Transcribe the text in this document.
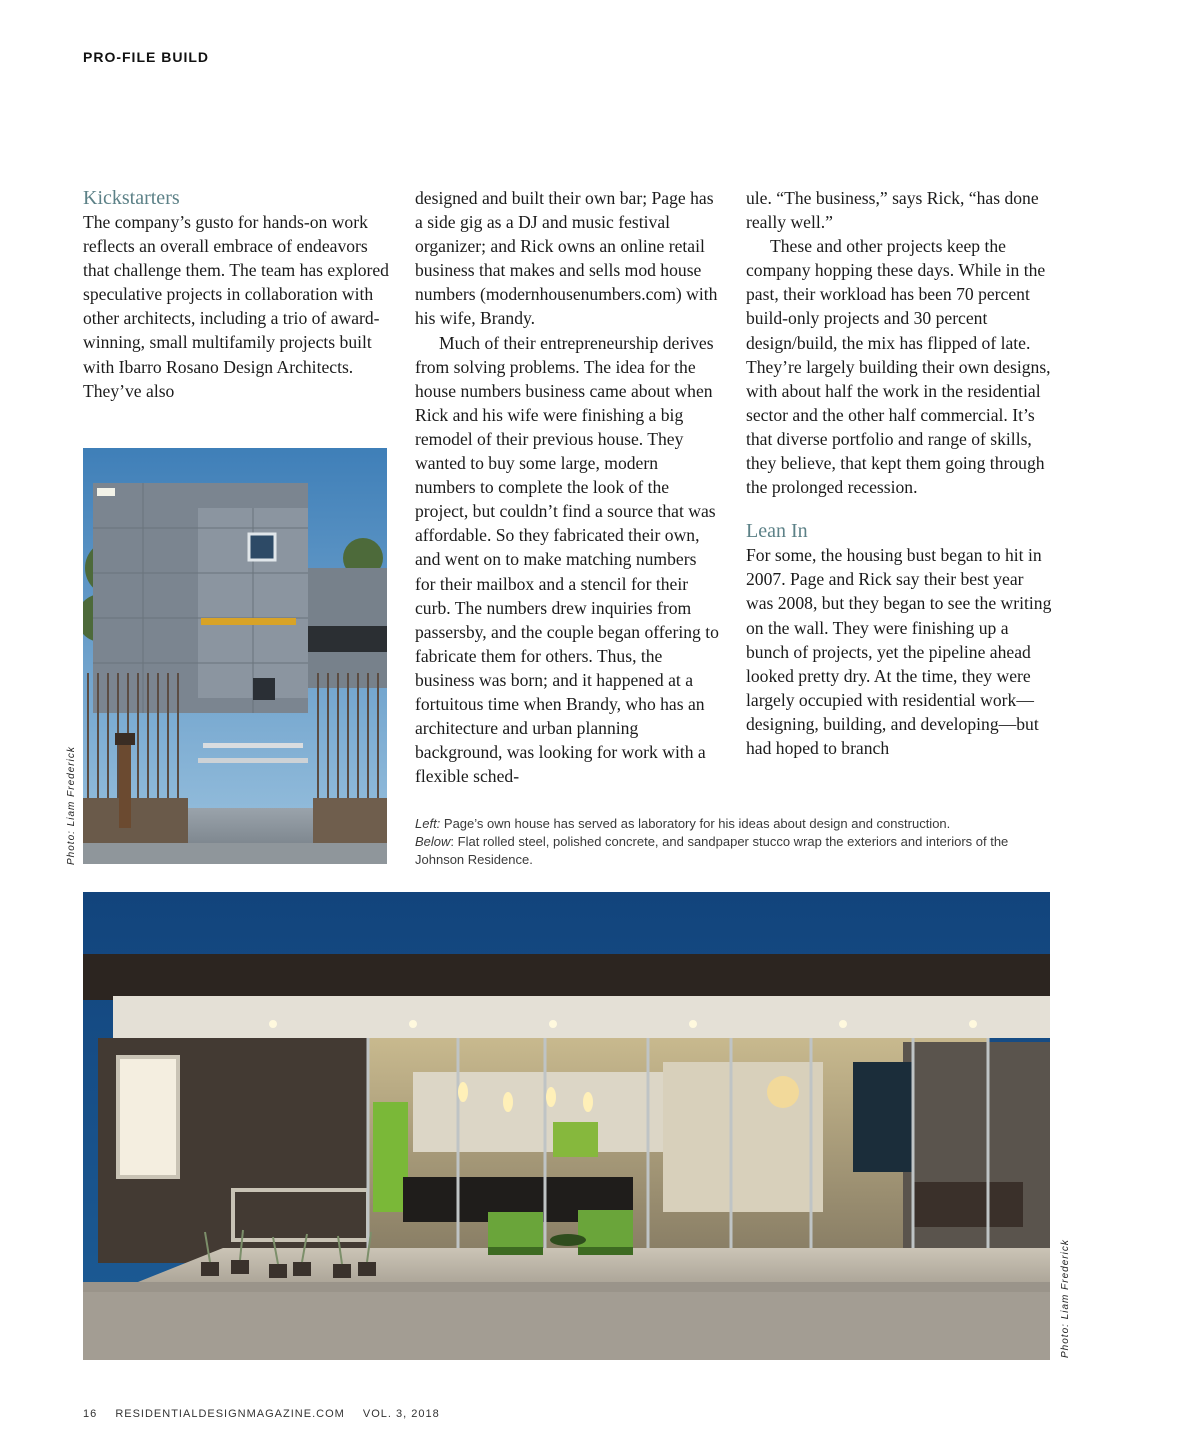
PRO-FILE BUILD
Kickstarters

The company’s gusto for hands-on work reflects an overall embrace of endeavors that challenge them. The team has explored speculative projects in collaboration with other architects, including a trio of award-winning, small multifamily projects built with Ibarro Rosano Design Architects. They’ve also

designed and built their own bar; Page has a side gig as a DJ and music festival organizer; and Rick owns an online retail business that makes and sells mod house numbers (modernhousenumbers.com) with his wife, Brandy.

Much of their entrepreneurship derives from solving problems. The idea for the house numbers business came about when Rick and his wife were finishing a big remodel of their previous house. They wanted to buy some large, modern numbers to complete the look of the project, but couldn’t find a source that was affordable. So they fabricated their own, and went on to make matching numbers for their mailbox and a stencil for their curb. The numbers drew inquiries from passersby, and the couple began offering to fabricate them for others. Thus, the business was born; and it happened at a fortuitous time when Brandy, who has an architecture and urban planning background, was looking for work with a flexible sched-

ule. “The business,” says Rick, “has done really well.”

These and other projects keep the company hopping these days. While in the past, their workload has been 70 percent build-only projects and 30 percent design/build, the mix has flipped of late. They’re largely building their own designs, with about half the work in the residential sector and the other half commercial. It’s that diverse portfolio and range of skills, they believe, that kept them going through the prolonged recession.

Lean In

For some, the housing bust began to hit in 2007. Page and Rick say their best year was 2008, but they began to see the writing on the wall. They were finishing up a bunch of projects, yet the pipeline ahead looked pretty dry. At the time, they were largely occupied with residential work—designing, building, and developing—but had hoped to branch

Photo: Liam Frederick	Left: Page’s own house has served as laboratory for his ideas about design and construction.

Below: Flat rolled steel, polished concrete, and sandpaper stucco wrap the exteriors and interiors of the Johnson Residence.

Photo: Liam Frederick
16 RESIDENTIALDESIGNMAGAZINE.COM VOL. 3, 2018
